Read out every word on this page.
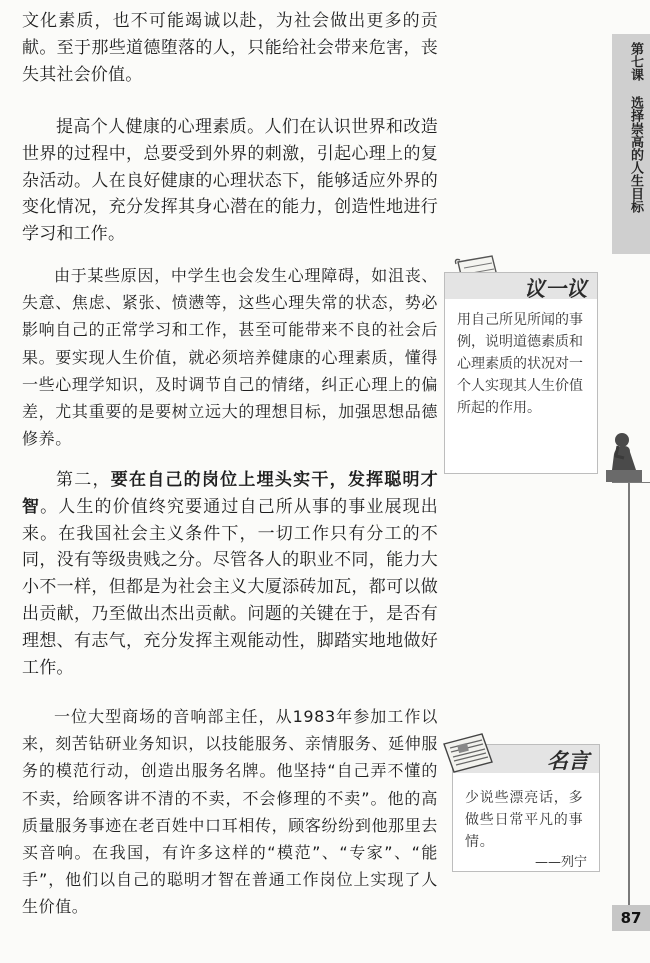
文化素质，也不可能竭诚以赴，为社会做出更多的贡献。至于那些道德堕落的人，只能给社会带来危害，丧失其社会价值。

提高个人健康的心理素质。人们在认识世界和改造世界的过程中，总要受到外界的刺激，引起心理上的复杂活动。人在良好健康的心理状态下，能够适应外界的变化情况，充分发挥其身心潜在的能力，创造性地进行学习和工作。

由于某些原因，中学生也会发生心理障碍，如沮丧、失意、焦虑、紧张、愤懑等，这些心理失常的状态，势必影响自己的正常学习和工作，甚至可能带来不良的社会后果。要实现人生价值，就必须培养健康的心理素质，懂得一些心理学知识，及时调节自己的情绪，纠正心理上的偏差，尤其重要的是要树立远大的理想目标，加强思想品德修养。

第二，要在自己的岗位上埋头实干，发挥聪明才智。人生的价值终究要通过自己所从事的事业展现出来。在我国社会主义条件下，一切工作只有分工的不同，没有等级贵贱之分。尽管各人的职业不同，能力大小不一样，但都是为社会主义大厦添砖加瓦，都可以做出贡献，乃至做出杰出贡献。问题的关键在于，是否有理想、有志气，充分发挥主观能动性，脚踏实地地做好工作。

一位大型商场的音响部主任，从1983年参加工作以来，刻苦钻研业务知识，以技能服务、亲情服务、延伸服务的模范行动，创造出服务名牌。他坚持“自己弄不懂的不卖，给顾客讲不清的不卖，不会修理的不卖”。他的高质量服务事迹在老百姓中口耳相传，顾客纷纷到他那里去买音响。在我国，有许多这样的“模范”、“专家”、“能手”，他们以自己的聪明才智在普通工作岗位上实现了人生价值。

第七课 选择崇高的人生目标
87
议一议

用自己所见所闻的事例，说明道德素质和心理素质的状况对一个人实现其人生价值所起的作用。

名言

少说些漂亮话，多做些日常平凡的事情。

——列宁
